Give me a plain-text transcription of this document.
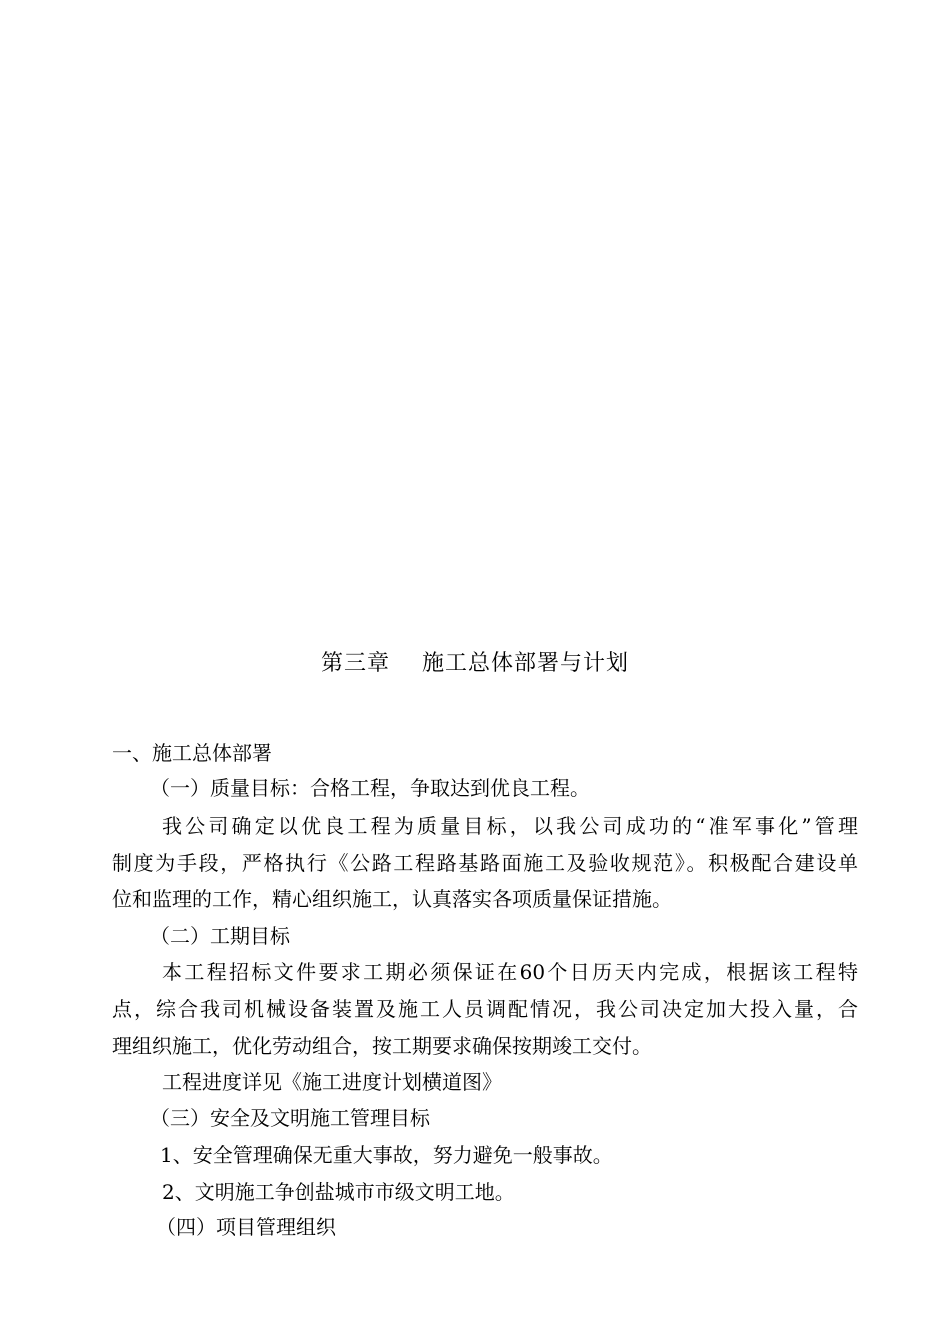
第三章    施工总体部署与计划
一、施工总体部署
（一）质量目标：合格工程，争取达到优良工程。
我公司确定以优良工程为质量目标，以我公司成功的“准军事化”管理
制度为手段，严格执行《公路工程路基路面施工及验收规范》。积极配合建设单
位和监理的工作，精心组织施工，认真落实各项质量保证措施。
（二）工期目标
本工程招标文件要求工期必须保证在60个日历天内完成，根据该工程特
点，综合我司机械设备装置及施工人员调配情况，我公司决定加大投入量，合
理组织施工，优化劳动组合，按工期要求确保按期竣工交付。
工程进度详见《施工进度计划横道图》
（三）安全及文明施工管理目标
1、安全管理确保无重大事故，努力避免一般事故。
2、文明施工争创盐城市市级文明工地。
（四）项目管理组织
